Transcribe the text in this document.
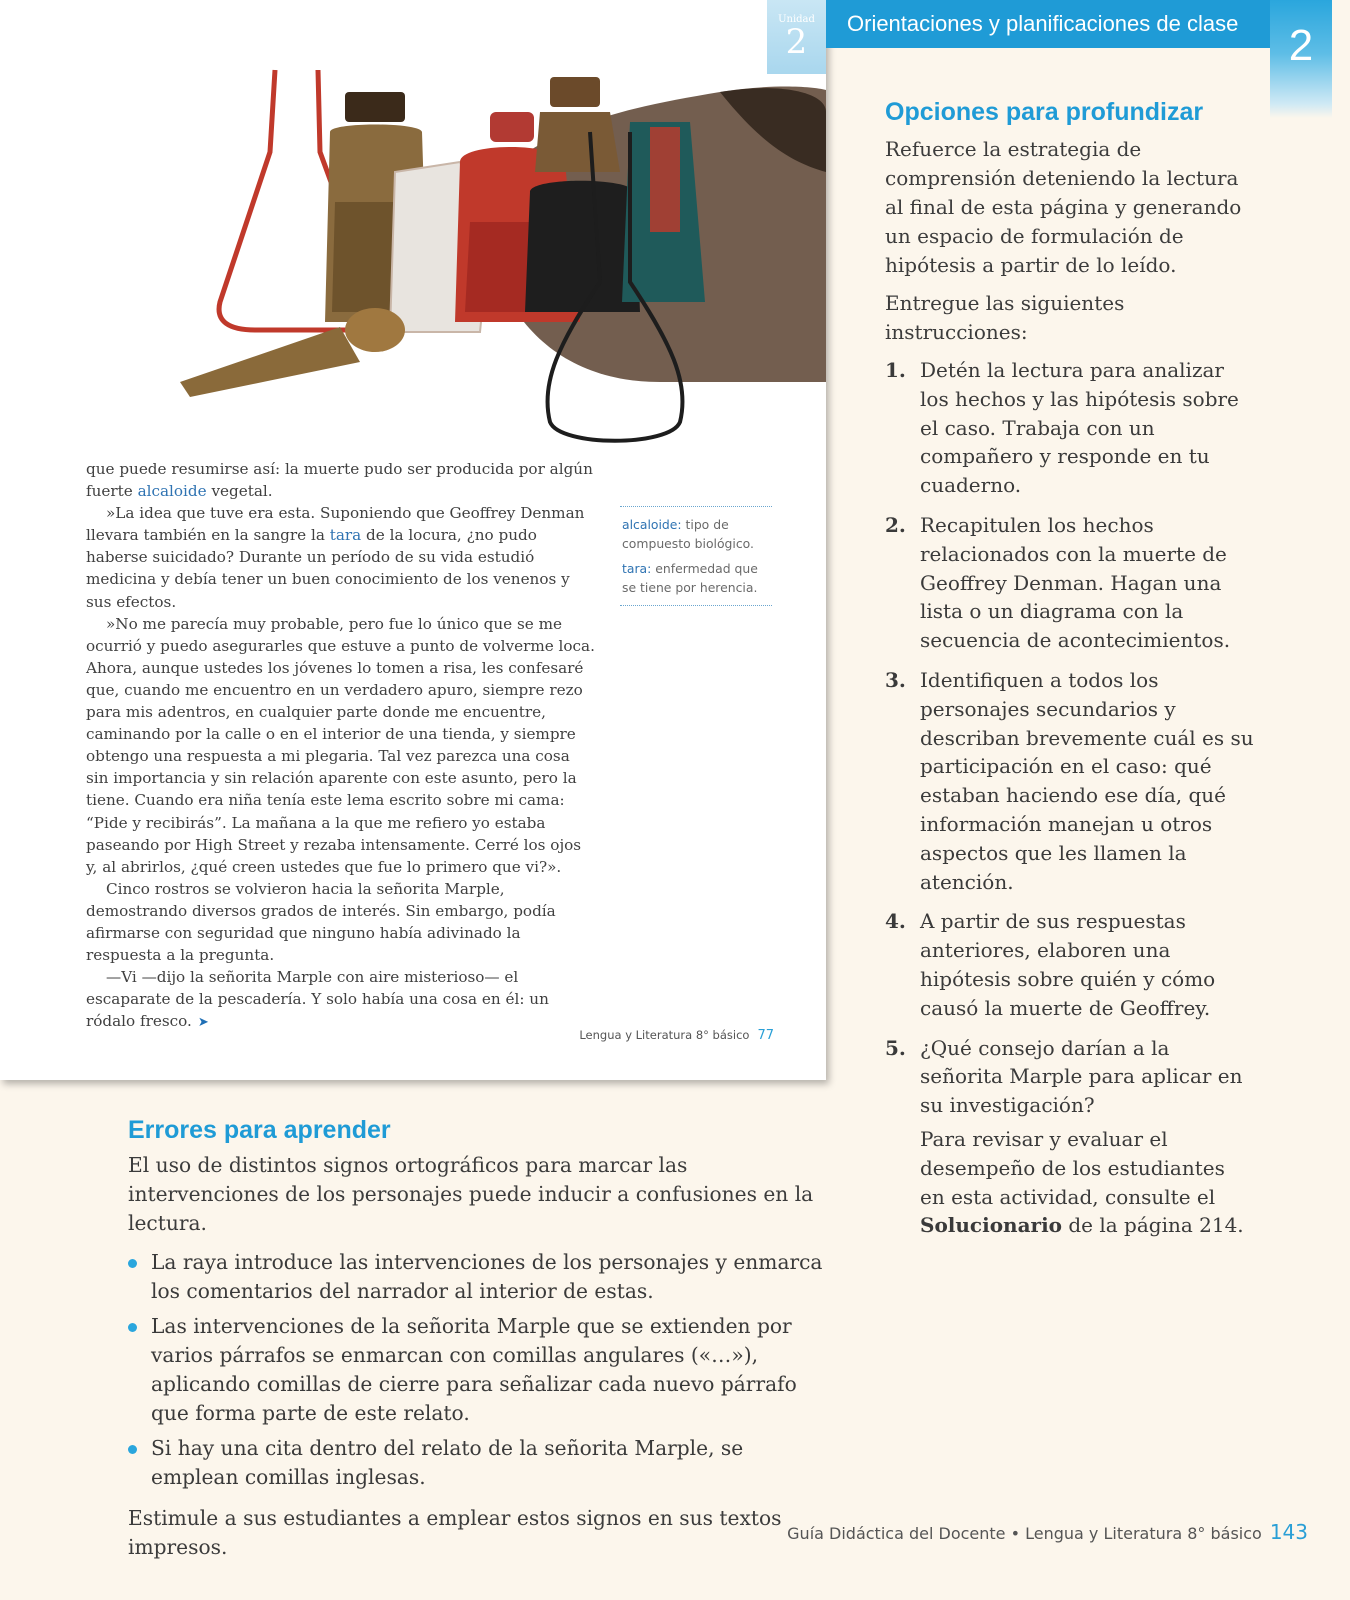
Unidad
2

que puede resumirse así: la muerte pudo ser producida por algún fuerte alcaloide vegetal.

»La idea que tuve era esta. Suponiendo que Geoffrey Denman llevara también en la sangre la tara de la locura, ¿no pudo haberse suicidado? Durante un período de su vida estudió medicina y debía tener un buen conocimiento de los venenos y sus efectos.

»No me parecía muy probable, pero fue lo único que se me ocurrió y puedo asegurarles que estuve a punto de volverme loca. Ahora, aunque ustedes los jóvenes lo tomen a risa, les confesaré que, cuando me encuentro en un verdadero apuro, siempre rezo para mis adentros, en cualquier parte donde me encuentre, caminando por la calle o en el interior de una tienda, y siempre obtengo una respuesta a mi plegaria. Tal vez parezca una cosa sin importancia y sin relación aparente con este asunto, pero la tiene. Cuando era niña tenía este lema escrito sobre mi cama: “Pide y recibirás”. La mañana a la que me refiero yo estaba paseando por High Street y rezaba intensamente. Cerré los ojos y, al abrirlos, ¿qué creen ustedes que fue lo primero que vi?».

Cinco rostros se volvieron hacia la señorita Marple, demostrando diversos grados de interés. Sin embargo, podía afirmarse con seguridad que ninguno había adivinado la respuesta a la pregunta.

—Vi —dijo la señorita Marple con aire misterioso— el escaparate de la pescadería. Y solo había una cosa en él: un ródalo fresco. ➤

alcaloide: tipo de compuesto biológico.

tara: enfermedad que se tiene por herencia.

Lengua y Literatura 8° básico 77
Orientaciones y planificaciones de clase	2
Opciones para profundizar

Refuerce la estrategia de comprensión deteniendo la lectura al final de esta página y generando un espacio de formulación de hipótesis a partir de lo leído.

Entregue las siguientes instrucciones:

1. Detén la lectura para analizar los hechos y las hipótesis sobre el caso. Trabaja con un compañero y responde en tu cuaderno.
2. Recapitulen los hechos relacionados con la muerte de Geoffrey Denman. Hagan una lista o un diagrama con la secuencia de acontecimientos.
3. Identifiquen a todos los personajes secundarios y describan brevemente cuál es su participación en el caso: qué estaban haciendo ese día, qué información manejan u otros aspectos que les llamen la atención.
4. A partir de sus respuestas anteriores, elaboren una hipótesis sobre quién y cómo causó la muerte de Geoffrey.
5. ¿Qué consejo darían a la señorita Marple para aplicar en su investigación?

Para revisar y evaluar el desempeño de los estudiantes en esta actividad, consulte el Solucionario de la página 214.

Errores para aprender

El uso de distintos signos ortográficos para marcar las intervenciones de los personajes puede inducir a confusiones en la lectura.

La raya introduce las intervenciones de los personajes y enmarca los comentarios del narrador al interior de estas.
Las intervenciones de la señorita Marple que se extienden por varios párrafos se enmarcan con comillas angulares («…»), aplicando comillas de cierre para señalizar cada nuevo párrafo que forma parte de este relato.
Si hay una cita dentro del relato de la señorita Marple, se emplean comillas inglesas.

Estimule a sus estudiantes a emplear estos signos en sus textos impresos.

Guía Didáctica del Docente • Lengua y Literatura 8° básico 143
